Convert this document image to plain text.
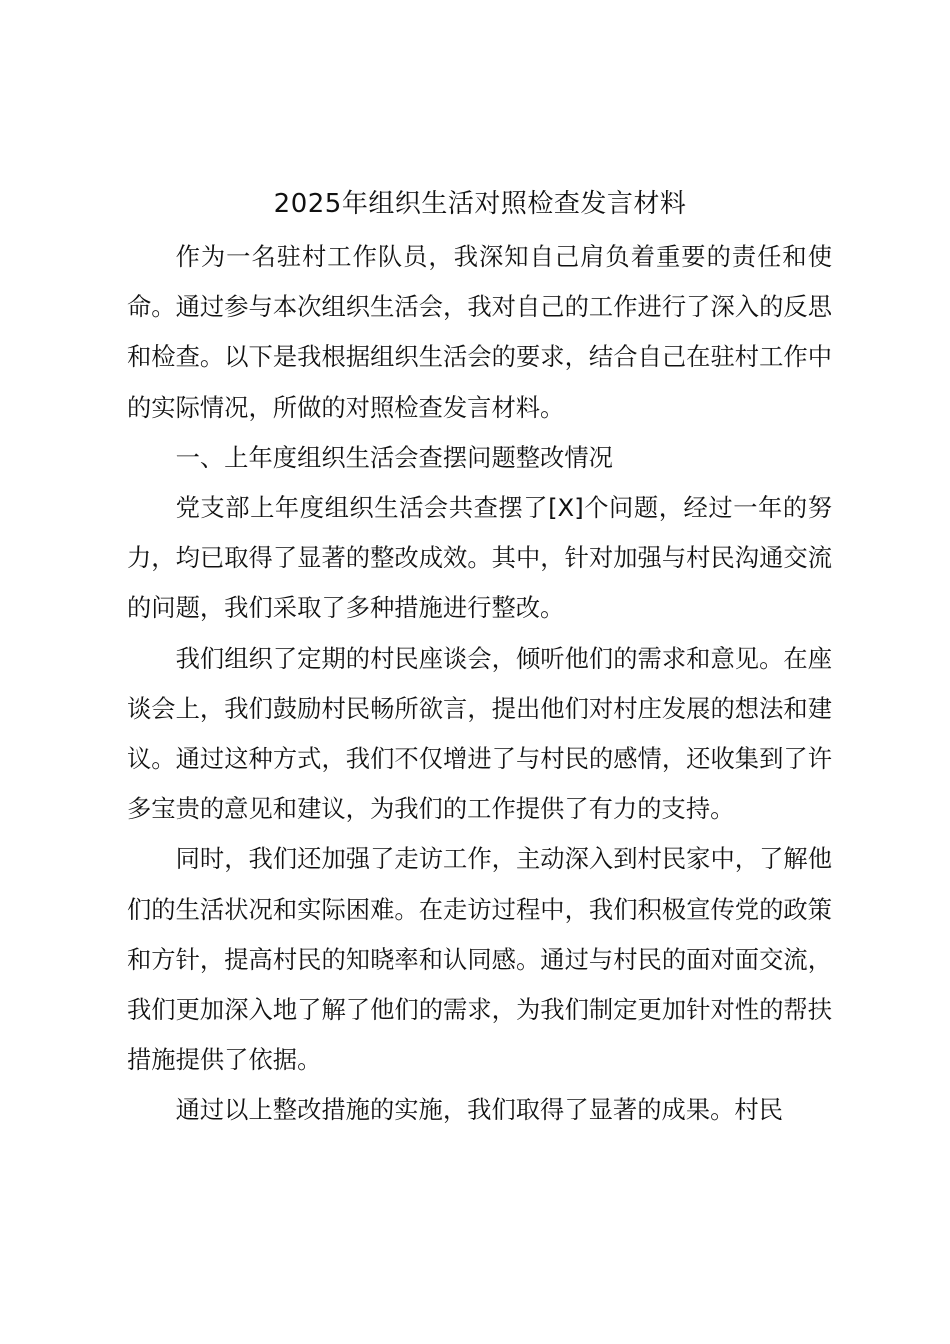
2025年组织生活对照检查发言材料

作为一名驻村工作队员，我深知自己肩负着重要的责任和使命。通过参与本次组织生活会，我对自己的工作进行了深入的反思和检查。以下是我根据组织生活会的要求，结合自己在驻村工作中的实际情况，所做的对照检查发言材料。

一、上年度组织生活会查摆问题整改情况

党支部上年度组织生活会共查摆了[X]个问题，经过一年的努力，均已取得了显著的整改成效。其中，针对加强与村民沟通交流的问题，我们采取了多种措施进行整改。

我们组织了定期的村民座谈会，倾听他们的需求和意见。在座谈会上，我们鼓励村民畅所欲言，提出他们对村庄发展的想法和建议。通过这种方式，我们不仅增进了与村民的感情，还收集到了许多宝贵的意见和建议，为我们的工作提供了有力的支持。

同时，我们还加强了走访工作，主动深入到村民家中，了解他们的生活状况和实际困难。在走访过程中，我们积极宣传党的政策和方针，提高村民的知晓率和认同感。通过与村民的面对面交流，我们更加深入地了解了他们的需求，为我们制定更加针对性的帮扶措施提供了依据。

通过以上整改措施的实施，我们取得了显著的成果。村民
